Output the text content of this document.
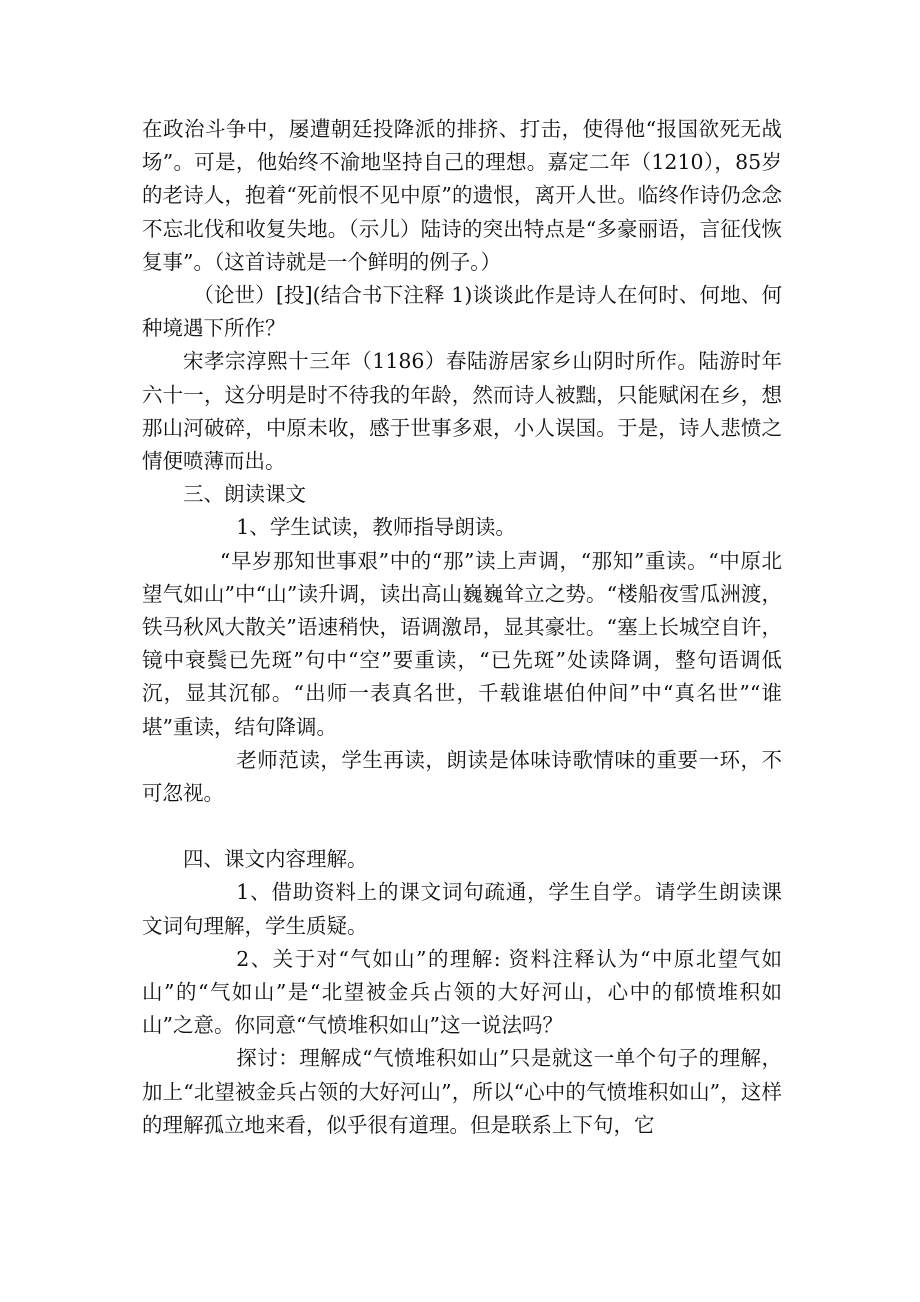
在政治斗争中，屡遭朝廷投降派的排挤、打击，使得他“报国欲死无战场”。可是，他始终不渝地坚持自己的理想。嘉定二年（1210），85岁的老诗人，抱着“死前恨不见中原”的遗恨，离开人世。临终作诗仍念念不忘北伐和收复失地。（示儿）陆诗的突出特点是“多豪丽语，言征伐恢复事”。（这首诗就是一个鲜明的例子。）

（论世）[投](结合书下注释 1)谈谈此作是诗人在何时、何地、何种境遇下所作？

宋孝宗淳熙十三年（1186）春陆游居家乡山阴时所作。陆游时年六十一，这分明是时不待我的年龄，然而诗人被黜，只能赋闲在乡，想那山河破碎，中原未收，感于世事多艰，小人误国。于是，诗人悲愤之情便喷薄而出。

三、朗读课文

1、学生试读，教师指导朗读。

“早岁那知世事艰”中的“那”读上声调，“那知”重读。“中原北望气如山”中“山”读升调，读出高山巍巍耸立之势。“楼船夜雪瓜洲渡，铁马秋风大散关”语速稍快，语调激昂，显其豪壮。“塞上长城空自许，镜中衰鬓已先斑”句中“空”要重读，“已先斑”处读降调，整句语调低沉，显其沉郁。“出师一表真名世，千载谁堪伯仲间”中“真名世”“谁堪”重读，结句降调。

老师范读，学生再读，朗读是体味诗歌情味的重要一环，不可忽视。

四、课文内容理解。

1、借助资料上的课文词句疏通，学生自学。请学生朗读课文词句理解，学生质疑。

2、关于对“气如山”的理解: 资料注释认为“中原北望气如山”的“气如山”是“北望被金兵占领的大好河山，心中的郁愤堆积如山”之意。你同意“气愤堆积如山”这一说法吗？

探讨：理解成“气愤堆积如山”只是就这一单个句子的理解，加上“北望被金兵占领的大好河山”，所以“心中的气愤堆积如山”，这样的理解孤立地来看，似乎很有道理。但是联系上下句，它
